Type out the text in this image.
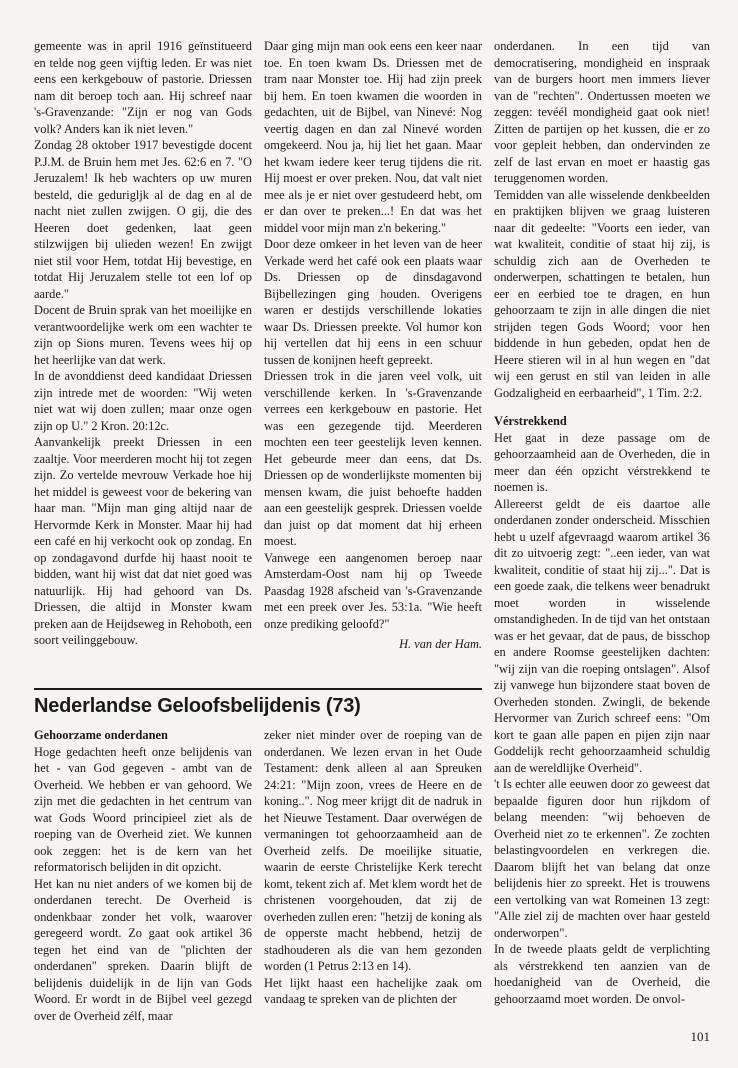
gemeente was in april 1916 geïnstitueerd en telde nog geen vijftig leden. Er was niet eens een kerkgebouw of pastorie. Driessen nam dit beroep toch aan. Hij schreef naar 's-Gravenzande: "Zijn er nog van Gods volk? Anders kan ik niet leven."

Zondag 28 oktober 1917 bevestigde docent P.J.M. de Bruin hem met Jes. 62:6 en 7. "O Jeruzalem! Ik heb wachters op uw muren besteld, die gedurigljk al de dag en al de nacht niet zullen zwijgen. O gij, die des Heeren doet gedenken, laat geen stilzwijgen bij ulieden wezen! En zwijgt niet stil voor Hem, totdat Hij bevestige, en totdat Hij Jeruzalem stelle tot een lof op aarde."

Docent de Bruin sprak van het moeilijke en verantwoordelijke werk om een wachter te zijn op Sions muren. Tevens wees hij op het heerlijke van dat werk.

In de avonddienst deed kandidaat Driessen zijn intrede met de woorden: "Wij weten niet wat wij doen zullen; maar onze ogen zijn op U." 2 Kron. 20:12c.

Aanvankelijk preekt Driessen in een zaaltje. Voor meerderen mocht hij tot zegen zijn. Zo vertelde mevrouw Verkade hoe hij het middel is geweest voor de bekering van haar man. "Mijn man ging altijd naar de Hervormde Kerk in Monster. Maar hij had een café en hij verkocht ook op zondag. En op zondagavond durfde hij haast nooit te bidden, want hij wist dat dat niet goed was natuurlijk. Hij had gehoord van Ds. Driessen, die altijd in Monster kwam preken aan de Heijdseweg in Rehoboth, een soort veilinggebouw.

Daar ging mijn man ook eens een keer naar toe. En toen kwam Ds. Driessen met de tram naar Monster toe. Hij had zijn preek bij hem. En toen kwamen die woorden in gedachten, uit de Bijbel, van Ninevé: Nog veertig dagen en dan zal Ninevé worden omgekeerd. Nou ja, hij liet het gaan. Maar het kwam iedere keer terug tijdens die rit. Hij moest er over preken. Nou, dat valt niet mee als je er niet over gestudeerd hebt, om er dan over te preken...! En dat was het middel voor mijn man z'n bekering."

Door deze omkeer in het leven van de heer Verkade werd het café ook een plaats waar Ds. Driessen op de dinsdagavond Bijbellezingen ging houden. Overigens waren er destijds verschillende lokaties waar Ds. Driessen preekte. Vol humor kon hij vertellen dat hij eens in een schuur tussen de konijnen heeft gepreekt.

Driessen trok in die jaren veel volk, uit verschillende kerken. In 's-Gravenzande verrees een kerkgebouw en pastorie. Het was een gezegende tijd. Meerderen mochten een teer geestelijk leven kennen. Het gebeurde meer dan eens, dat Ds. Driessen op de wonderlijkste momenten bij mensen kwam, die juist behoefte hadden aan een geestelijk gesprek. Driessen voelde dan juist op dat moment dat hij erheen moest.

Vanwege een aangenomen beroep naar Amsterdam-Oost nam hij op Tweede Paasdag 1928 afscheid van 's-Gravenzande met een preek over Jes. 53:1a. "Wie heeft onze prediking geloofd?"

H. van der Ham.

Nederlandse Geloofsbelijdenis (73)

Gehoorzame onderdanen

Hoge gedachten heeft onze belijdenis van het - van God gegeven - ambt van de Overheid. We hebben er van gehoord. We zijn met die gedachten in het centrum van wat Gods Woord principieel ziet als de roeping van de Overheid ziet. We kunnen ook zeggen: het is de kern van het reformatorisch belijden in dit opzicht.

Het kan nu niet anders of we komen bij de onderdanen terecht. De Overheid is ondenkbaar zonder het volk, waarover geregeerd wordt. Zo gaat ook artikel 36 tegen het eind van de "plichten der onderdanen" spreken. Daarin blijft de belijdenis duidelijk in de lijn van Gods Woord. Er wordt in de Bijbel veel gezegd over de Overheid zélf, maar

zeker niet minder over de roeping van de onderdanen. We lezen ervan in het Oude Testament: denk alleen al aan Spreuken 24:21: "Mijn zoon, vrees de Heere en de koning..". Nog meer krijgt dit de nadruk in het Nieuwe Testament. Daar overwégen de vermaningen tot gehoorzaamheid aan de Overheid zelfs. De moeilijke situatie, waarin de eerste Christelijke Kerk terecht komt, tekent zich af. Met klem wordt het de christenen voorgehouden, dat zij de overheden zullen eren: "hetzij de koning als de opperste macht hebbend, hetzij de stadhouderen als die van hem gezonden worden (1 Petrus 2:13 en 14).

Het lijkt haast een hachelijke zaak om vandaag te spreken van de plichten der

onderdanen. In een tijd van democratisering, mondigheid en inspraak van de burgers hoort men immers liever van de "rechten". Ondertussen moeten we zeggen: tevéél mondigheid gaat ook niet! Zitten de partijen op het kussen, die er zo voor gepleit hebben, dan ondervinden ze zelf de last ervan en moet er haastig gas teruggenomen worden.

Temidden van alle wisselende denkbeelden en praktijken blijven we graag luisteren naar dit gedeelte: "Voorts een ieder, van wat kwaliteit, conditie of staat hij zij, is schuldig zich aan de Overheden te onderwerpen, schattingen te betalen, hun eer en eerbied toe te dragen, en hun gehoorzaam te zijn in alle dingen die niet strijden tegen Gods Woord; voor hen biddende in hun gebeden, opdat hen de Heere stieren wil in al hun wegen en "dat wij een gerust en stil van leiden in alle Godzaligheid en eerbaarheid", 1 Tim. 2:2.

Vérstrekkend

Het gaat in deze passage om de gehoorzaamheid aan de Overheden, die in meer dan één opzicht vérstrekkend te noemen is.

Allereerst geldt de eis daartoe alle onderdanen zonder onderscheid. Misschien hebt u uzelf afgevraagd waarom artikel 36 dit zo uitvoerig zegt: "..een ieder, van wat kwaliteit, conditie of staat hij zij...". Dat is een goede zaak, die telkens weer benadrukt moet worden in wisselende omstandigheden. In de tijd van het ontstaan was er het gevaar, dat de paus, de bisschop en andere Roomse geestelijken dachten: "wij zijn van die roeping ontslagen". Alsof zij vanwege hun bijzondere staat boven de Overheden stonden. Zwingli, de bekende Hervormer van Zurich schreef eens: "Om kort te gaan alle papen en pijen zijn naar Goddelijk recht gehoorzaamheid schuldig aan de wereldlijke Overheid".

't Is echter alle eeuwen door zo geweest dat bepaalde figuren door hun rijkdom of belang meenden: "wij behoeven de Overheid niet zo te erkennen". Ze zochten belastingvoordelen en verkregen die. Daarom blijft het van belang dat onze belijdenis hier zo spreekt. Het is trouwens een vertolking van wat Romeinen 13 zegt: "Alle ziel zij de machten over haar gesteld onderworpen".

In de tweede plaats geldt de verplichting als vérstrekkend ten aanzien van de hoedanigheid van de Overheid, die gehoorzaamd moet worden. De onvol-

101
